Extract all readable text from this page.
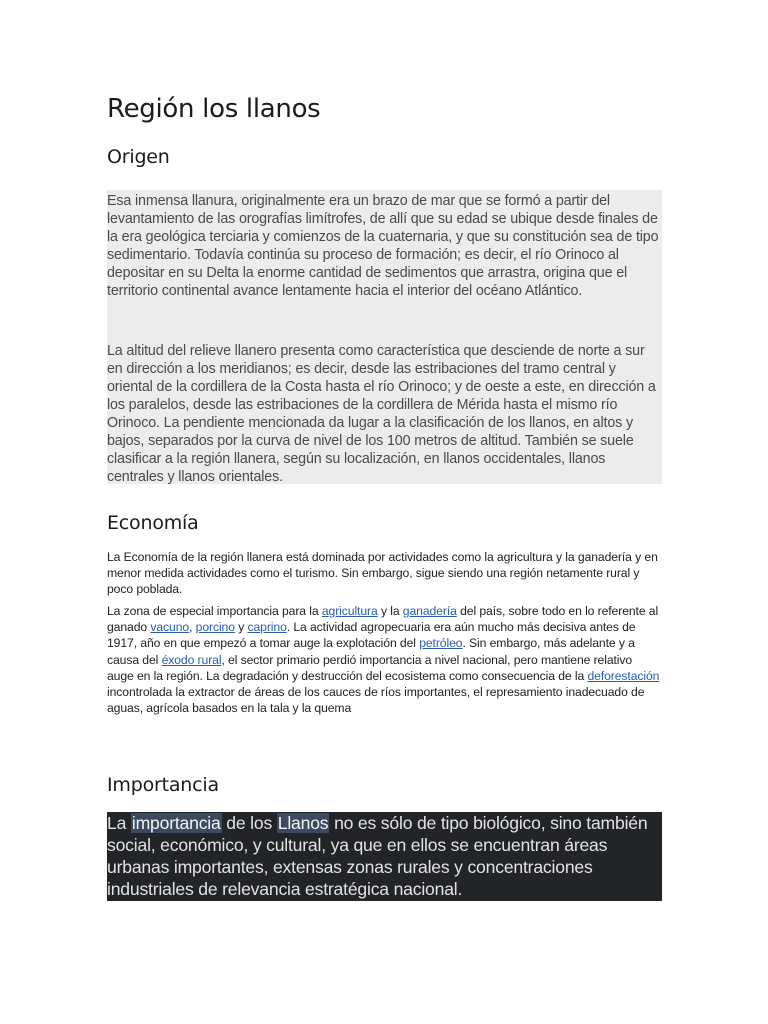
Región los llanos
Origen

Esa inmensa llanura, originalmente era un brazo de mar que se formó a partir del levantamiento de las orografías limítrofes, de allí que su edad se ubique desde finales de la era geológica terciaria y comienzos de la cuaternaria, y que su constitución sea de tipo sedimentario. Todavía continúa su proceso de formación; es decir, el río Orinoco al depositar en su Delta la enorme cantidad de sedimentos que arrastra, origina que el territorio continental avance lentamente hacia el interior del océano Atlántico.

La altitud del relieve llanero presenta como característica que desciende de norte a sur en dirección a los meridianos; es decir, desde las estribaciones del tramo central y oriental de la cordillera de la Costa hasta el río Orinoco; y de oeste a este, en dirección a los paralelos, desde las estribaciones de la cordillera de Mérida hasta el mismo río Orinoco. La pendiente mencionada da lugar a la clasificación de los llanos, en altos y bajos, separados por la curva de nivel de los 100 metros de altitud. También se suele clasificar a la región llanera, según su localización, en llanos occidentales, llanos centrales y llanos orientales.

Economía

La Economía de la región llanera está dominada por actividades como la agricultura y la ganadería y en menor medida actividades como el turismo. Sin embargo, sigue siendo una región netamente rural y poco poblada.

La zona de especial importancia para la agricultura y la ganadería del país, sobre todo en lo referente al ganado vacuno, porcino y caprino. La actividad agropecuaria era aún mucho más decisiva antes de 1917, año en que empezó a tomar auge la explotación del petróleo. Sin embargo, más adelante y a causa del éxodo rural, el sector primario perdió importancia a nivel nacional, pero mantiene relativo auge en la región. La degradación y destrucción del ecosistema como consecuencia de la deforestación incontrolada la extractor de áreas de los cauces de ríos importantes, el represamiento inadecuado de aguas, agrícola basados en la tala y la quema

Importancia

La importancia de los Llanos no es sólo de tipo biológico, sino también social, económico, y cultural, ya que en ellos se encuentran áreas urbanas importantes, extensas zonas rurales y concentraciones industriales de relevancia estratégica nacional.
